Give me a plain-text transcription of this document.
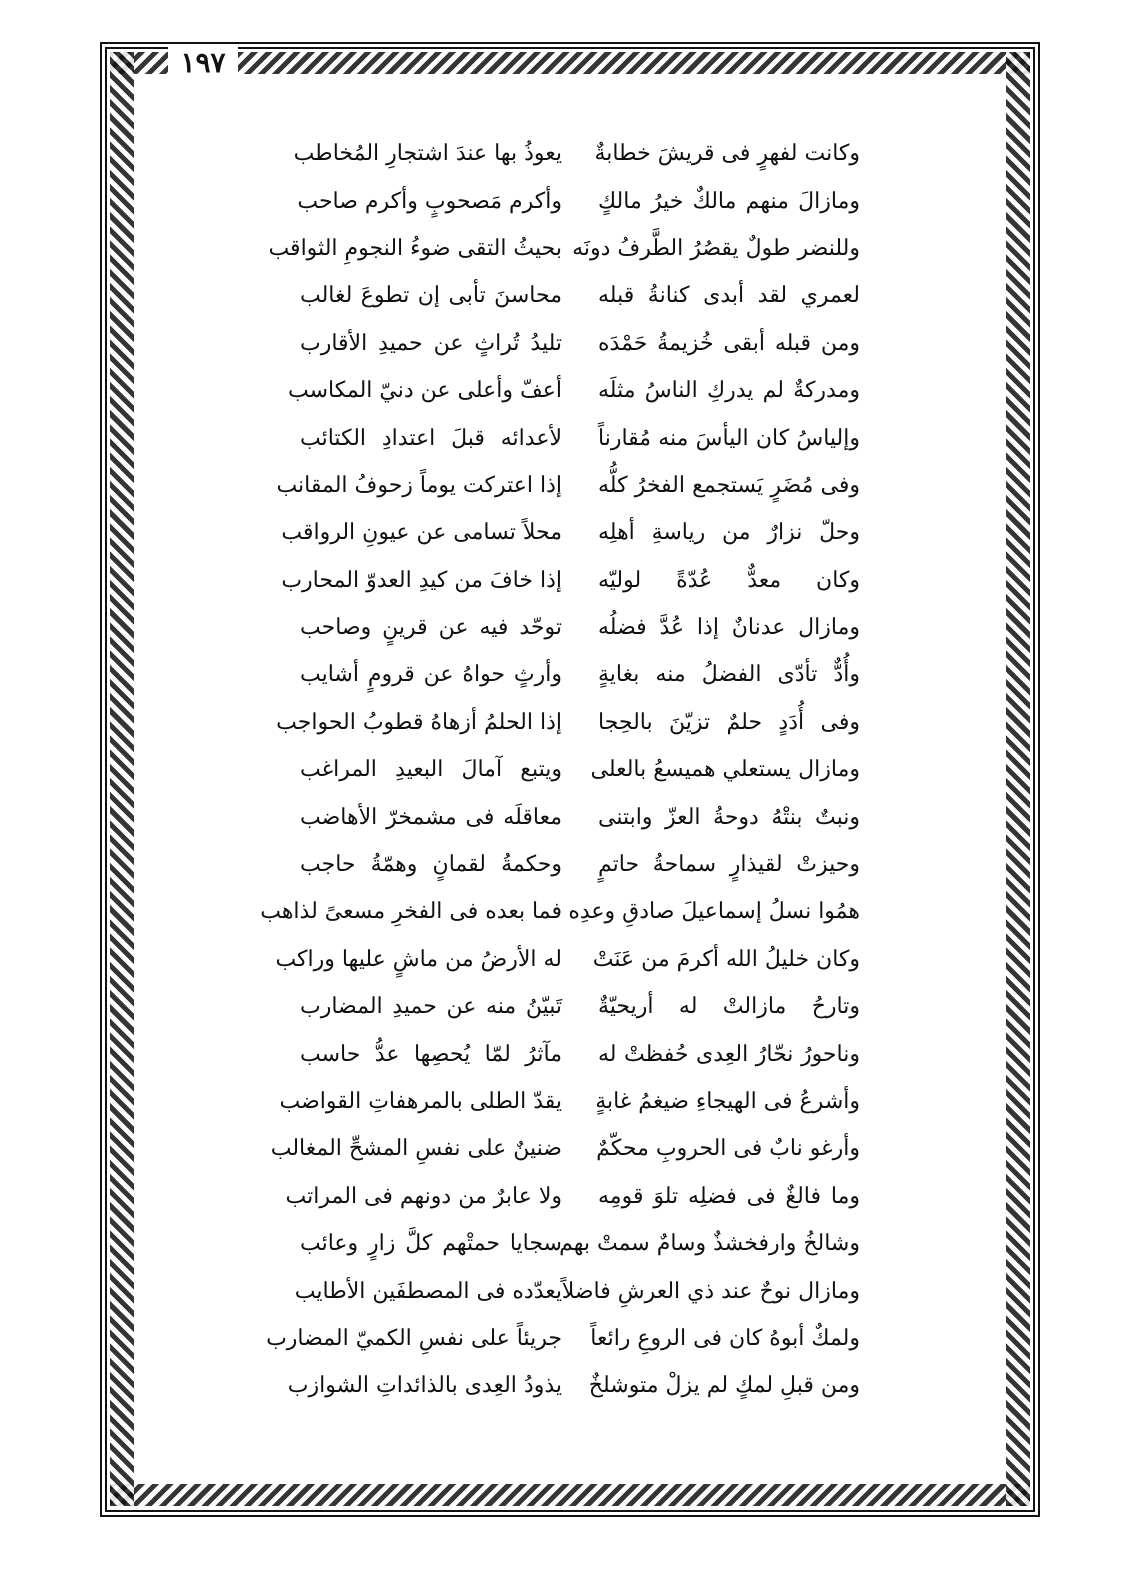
١٩٧
وكانت لفهرٍ فى قريشَ خطابةٌ
يعوذُ بها عندَ اشتجارِ المُخاطب
ومازالَ منهم مالكٌ خيرُ مالكٍ
وأكرم مَصحوبٍ وأكرم صاحب
وللنضر طولٌ يقصُرُ الطَّرفُ دونَه
بحيثُ التقى ضوءُ النجومِ الثواقب
لعمري لقد أبدى كنانةُ قبله
محاسنَ تأبى إن تطوعَ لغالب
ومن قبله أبقى خُزيمةُ حَمْدَه
تليدُ تُراثٍ عن حميدِ الأقارب
ومدركةٌ لم يدركِ الناسُ مثلَه
أعفّ وأعلى عن دنيّ المكاسب
وإلياسُ كان اليأسَ منه مُقارناً
لأعدائه قبلَ اعتدادِ الكتائب
وفى مُضَرٍ يَستجمع الفخرُ كلُّه
إذا اعتركت يوماً زحوفُ المقانب
وحلّ نزارٌ من رياسةِ أهلِه
محلاً تسامى عن عيونِ الرواقب
وكان معدٌّ عُدّةً لوليّه
إذا خافَ من كيدِ العدوّ المحارب
ومازال عدنانٌ إذا عُدَّ فضلُه
توحّد فيه عن قرينٍ وصاحب
وأُدٌّ تأدّى الفضلُ منه بغايةٍ
وأرثٍ حواهُ عن قرومٍ أشايب
وفى أُدَدٍ حلمٌ تزيّنَ بالحِجا
إذا الحلمُ أزهاهُ قطوبُ الحواجب
ومازال يستعلي هميسعُ بالعلى
ويتبع آمالَ البعيدِ المراغب
ونبتٌ بنتْهُ دوحةُ العزّ وابتنى
معاقلَه فى مشمخرّ الأهاضب
وحيزتْ لقيذارٍ سماحةُ حاتمٍ
وحكمةُ لقمانٍ وهمّةُ حاجب
همُوا نسلُ إسماعيلَ صادقِ وعدِه
فما بعده فى الفخرِ مسعىً لذاهب
وكان خليلُ الله أكرمَ من عَنَتْ
له الأرضُ من ماشٍ عليها وراكب
وتارحُ مازالتْ له أريحيّةٌ
تَبيّنُ منه عن حميدِ المضارب
وناحورُ نحّارُ العِدى حُفظتْ له
مآثرُ لمّا يُحصِها عدُّ حاسب
وأشرعُ فى الهيجاءِ ضيغمُ غابةٍ
يقدّ الطلى بالمرهفاتِ القواضب
وأرغو نابٌ فى الحروبِ محكّمٌ
ضنينٌ على نفسِ المشحِّ المغالب
وما فالغٌ فى فضلِه تلوَ قومِه
ولا عابرٌ من دونهم فى المراتب
وشالخُ وارفخشذٌ وسامٌ سمتْ بهم
سجايا حمتْهم كلَّ زارٍ وعائب
ومازال نوحٌ عند ذي العرشِ فاضلاً
يعدّده فى المصطفَين الأطايب
ولمكٌ أبوهُ كان فى الروعِ رائعاً
جريئاً على نفسِ الكميّ المضارب
ومن قبلِ لمكٍ لم يزلْ متوشلخٌ
يذودُ العِدى بالذائداتِ الشوازب
